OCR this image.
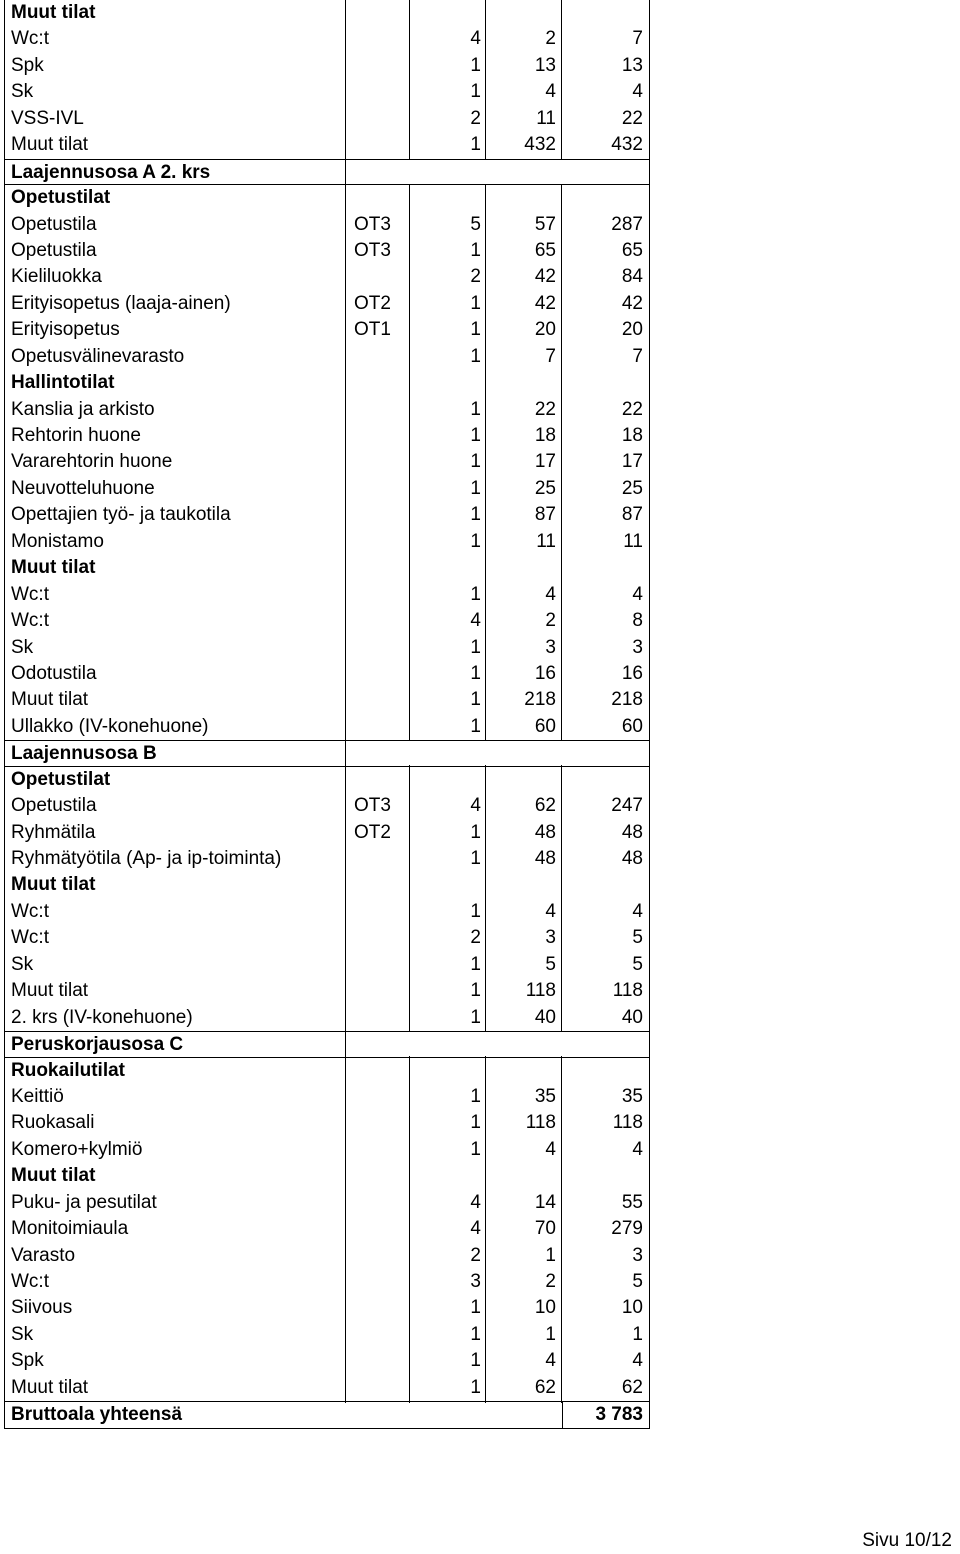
Muut tilat
Wc:t	4	2	7
Spk	1	13	13
Sk	1	4	4
VSS-IVL	2	11	22
Muut tilat	1	432	432
Laajennusosa A 2. krs
Opetustilat
Opetustila	OT3	5	57	287
Opetustila	OT3	1	65	65
Kieliluokka	2	42	84
Erityisopetus (laaja-ainen)	OT2	1	42	42
Erityisopetus	OT1	1	20	20
Opetusvälinevarasto	1	7	7
Hallintotilat
Kanslia ja arkisto	1	22	22
Rehtorin huone	1	18	18
Vararehtorin huone	1	17	17
Neuvotteluhuone	1	25	25
Opettajien työ- ja taukotila	1	87	87
Monistamo	1	11	11
Muut tilat
Wc:t	1	4	4
Wc:t	4	2	8
Sk	1	3	3
Odotustila	1	16	16
Muut tilat	1	218	218
Ullakko (IV-konehuone)	1	60	60
Laajennusosa B
Opetustilat
Opetustila	OT3	4	62	247
Ryhmätila	OT2	1	48	48
Ryhmätyötila (Ap- ja ip-toiminta)	1	48	48
Muut tilat
Wc:t	1	4	4
Wc:t	2	3	5
Sk	1	5	5
Muut tilat	1	118	118
2. krs (IV-konehuone)	1	40	40
Peruskorjausosa C
Ruokailutilat
Keittiö	1	35	35
Ruokasali	1	118	118
Komero+kylmiö	1	4	4
Muut tilat
Puku- ja pesutilat	4	14	55
Monitoimiaula	4	70	279
Varasto	2	1	3
Wc:t	3	2	5
Siivous	1	10	10
Sk	1	1	1
Spk	1	4	4
Muut tilat	1	62	62
Bruttoala yhteensä	3 783
Sivu 10/12
